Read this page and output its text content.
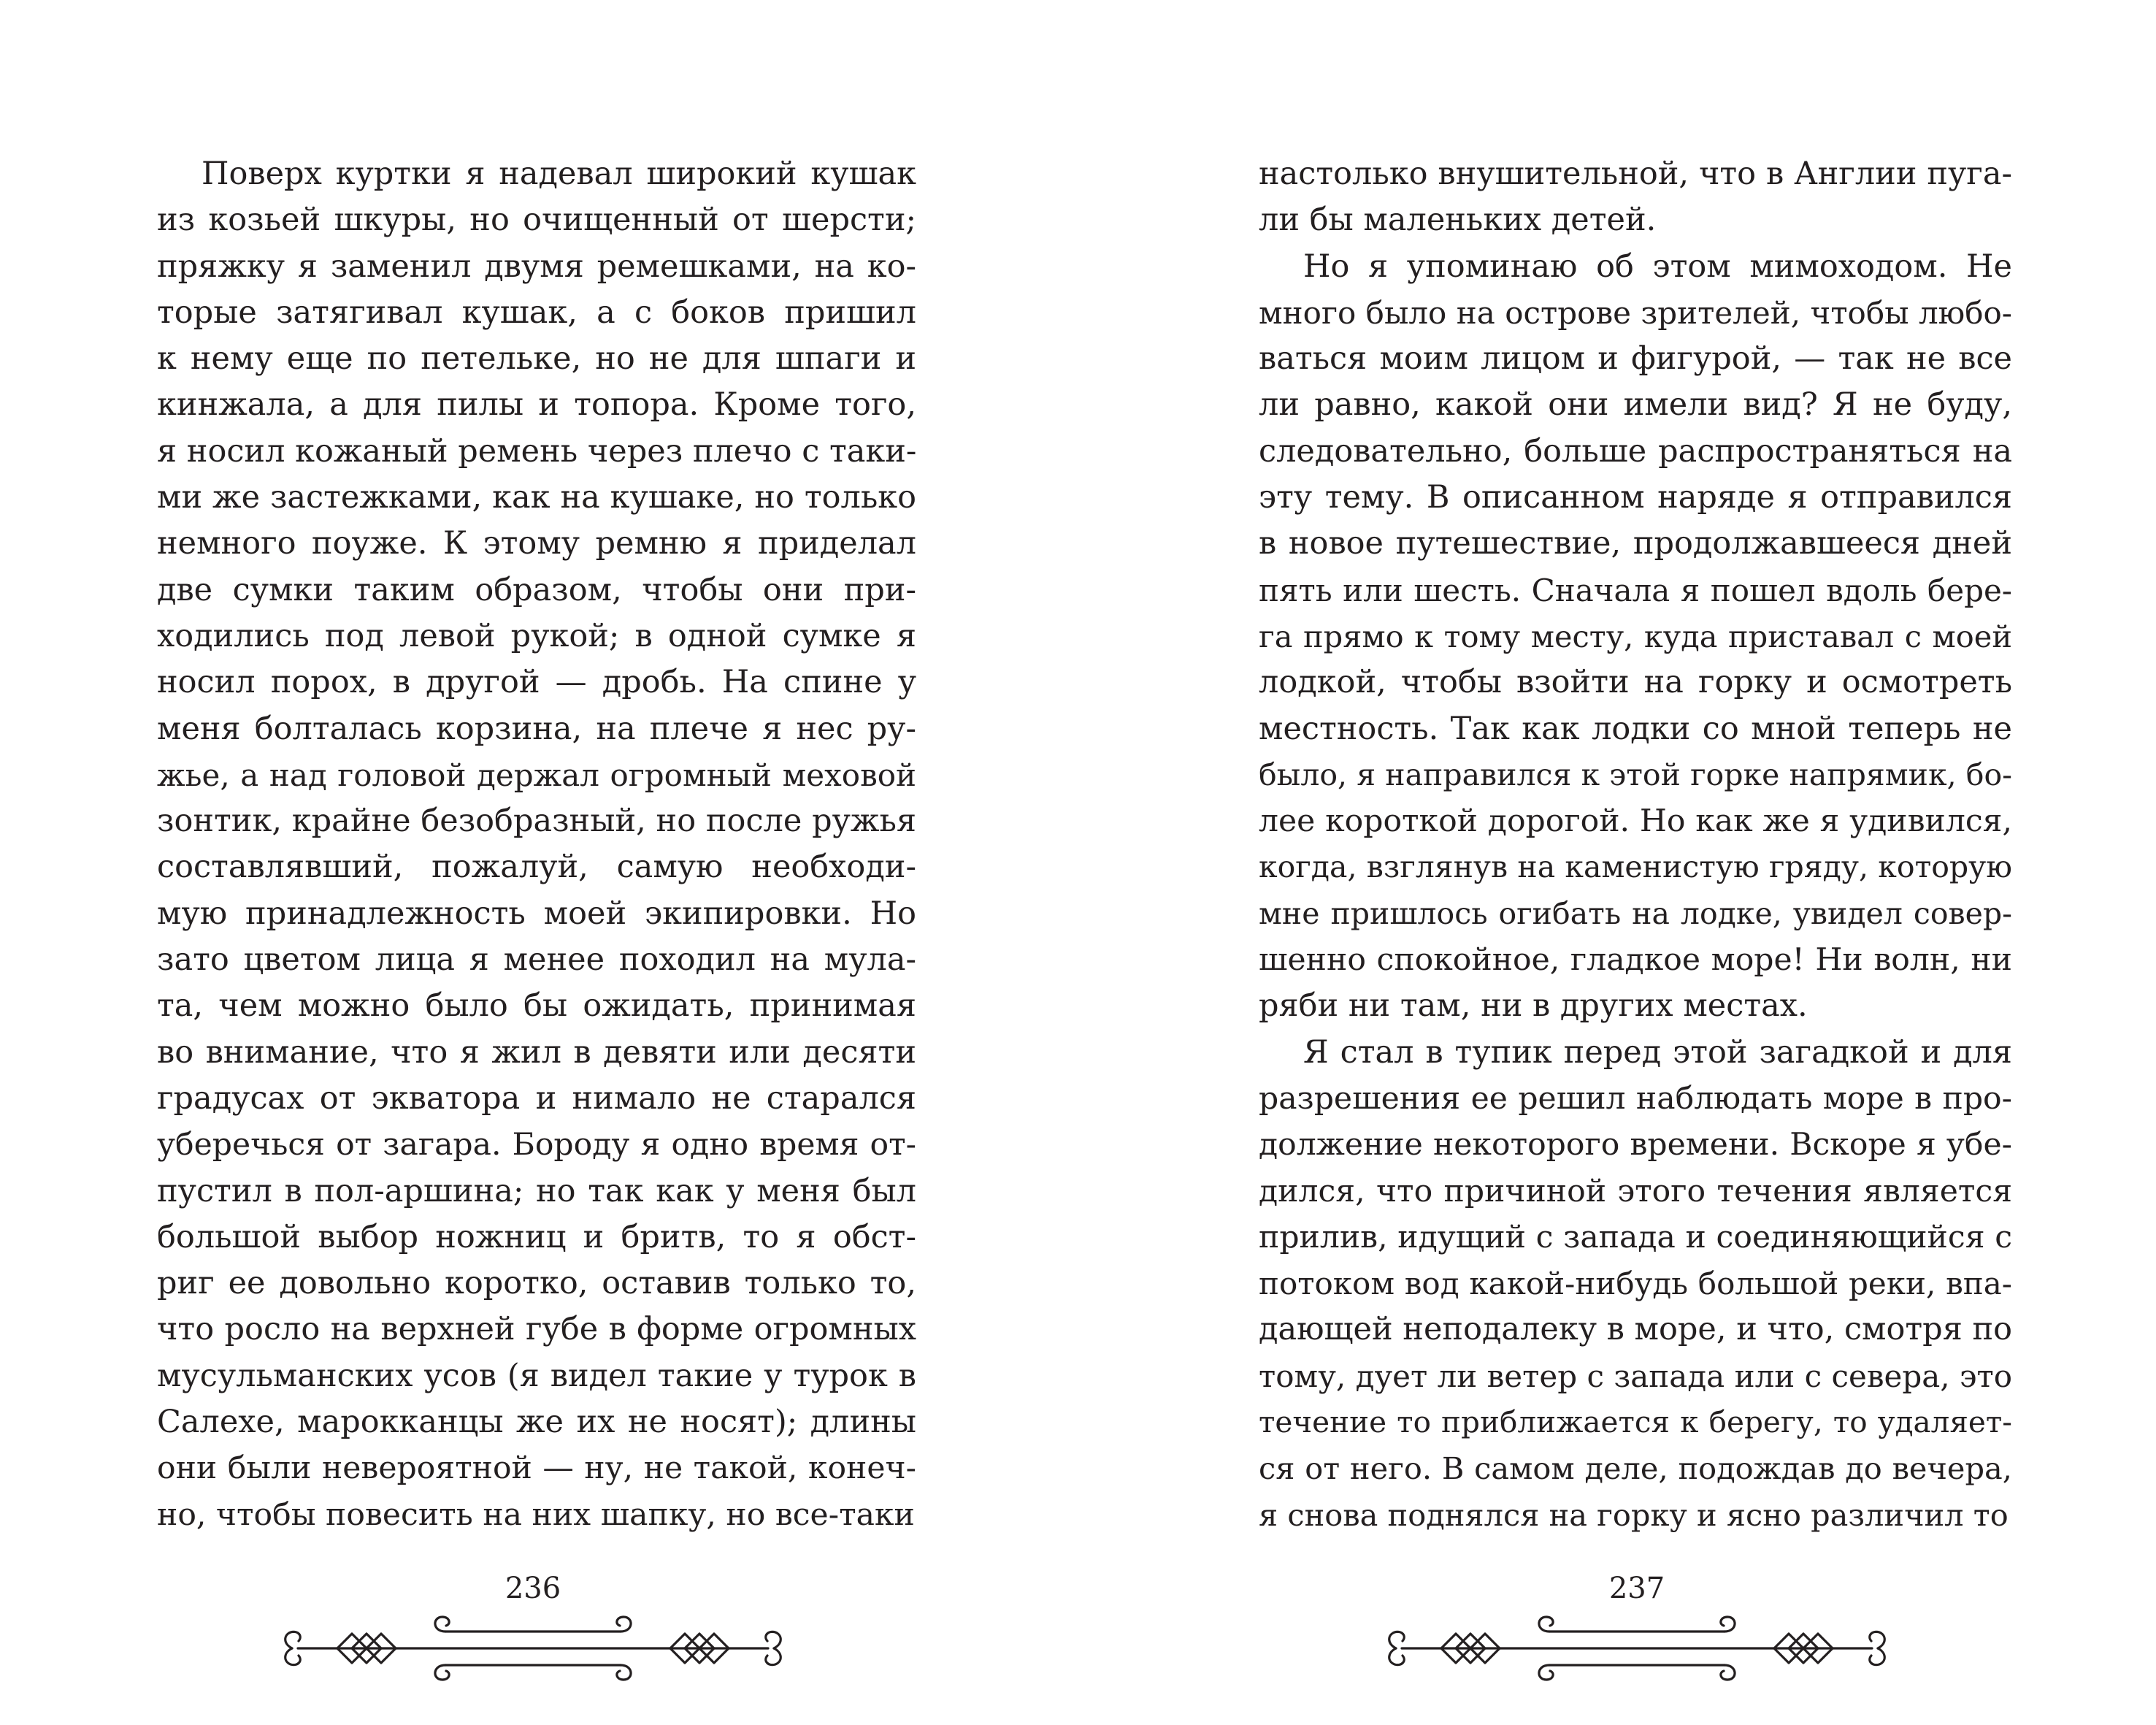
Поверх куртки я надевал широкий кушак
из козьей шкуры, но очищенный от шерсти;
пряжку я заменил двумя ремешками, на ко-
торые затягивал кушак, а с боков пришил
к нему еще по петельке, но не для шпаги и
кинжала, а для пилы и топора. Кроме того,
я носил кожаный ремень через плечо с таки-
ми же застежками, как на кушаке, но только
немного поуже. К этому ремню я приделал
две сумки таким образом, чтобы они при-
ходились под левой рукой; в одной сумке я
носил порох, в другой — дробь. На спине у
меня болталась корзина, на плече я нес ру-
жье, а над головой держал огромный меховой
зонтик, крайне безобразный, но после ружья
составлявший, пожалуй, самую необходи-
мую принадлежность моей экипировки. Но
зато цветом лица я менее походил на мула-
та, чем можно было бы ожидать, принимая
во внимание, что я жил в девяти или десяти
градусах от экватора и нимало не старался
уберечься от загара. Бороду я одно время от-
пустил в пол-аршина; но так как у меня был
большой выбор ножниц и бритв, то я обст-
риг ее довольно коротко, оставив только то,
что росло на верхней губе в форме огромных
мусульманских усов (я видел такие у турок в
Салехе, марокканцы же их не носят); длины
они были невероятной — ну, не такой, конеч-
но, чтобы повесить на них шапку, но все-таки
236
настолько внушительной, что в Англии пуга-
ли бы маленьких детей.
Но я упоминаю об этом мимоходом. Не
много было на острове зрителей, чтобы любо-
ваться моим лицом и фигурой, — так не все
ли равно, какой они имели вид? Я не буду,
следовательно, больше распространяться на
эту тему. В описанном наряде я отправился
в новое путешествие, продолжавшееся дней
пять или шесть. Сначала я пошел вдоль бере-
га прямо к тому месту, куда приставал с моей
лодкой, чтобы взойти на горку и осмотреть
местность. Так как лодки со мной теперь не
было, я направился к этой горке напрямик, бо-
лее короткой дорогой. Но как же я удивился,
когда, взглянув на каменистую гряду, которую
мне пришлось огибать на лодке, увидел совер-
шенно спокойное, гладкое море! Ни волн, ни
ряби ни там, ни в других местах.
Я стал в тупик перед этой загадкой и для
разрешения ее решил наблюдать море в про-
должение некоторого времени. Вскоре я убе-
дился, что причиной этого течения является
прилив, идущий с запада и соединяющийся с
потоком вод какой-нибудь большой реки, впа-
дающей неподалеку в море, и что, смотря по
тому, дует ли ветер с запада или с севера, это
течение то приближается к берегу, то удаляет-
ся от него. В самом деле, подождав до вечера,
я снова поднялся на горку и ясно различил то
237
